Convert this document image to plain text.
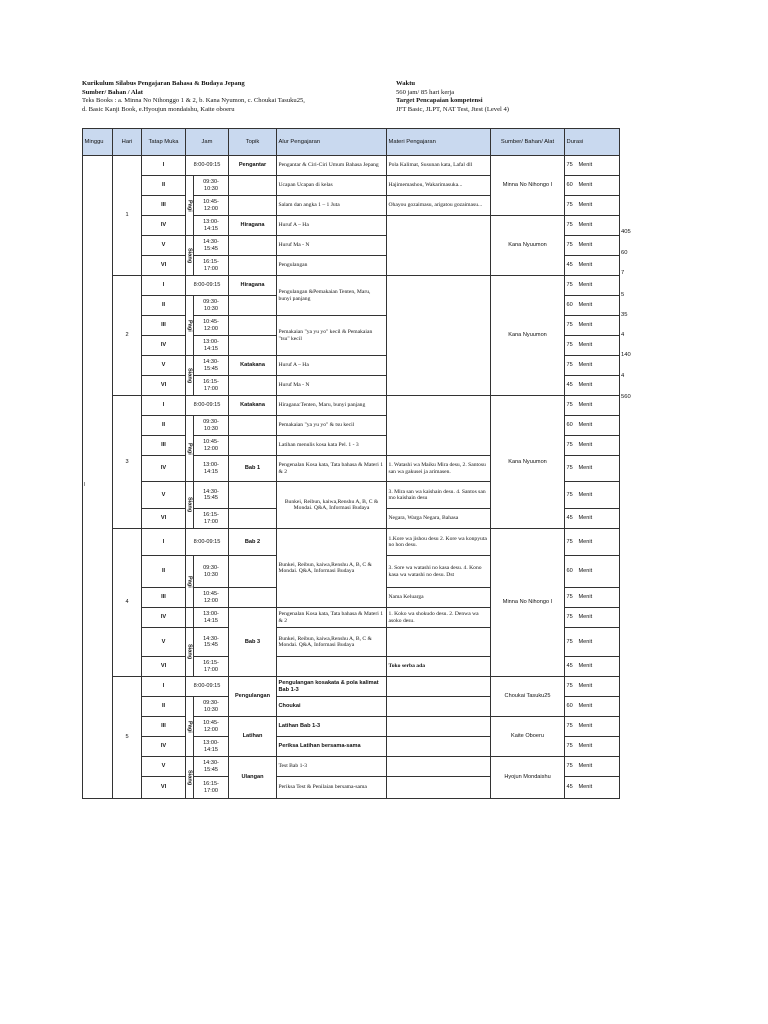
Kurikulum Silabus Pengajaran Bahasa & Budaya Jepang
Sumber/ Bahan / Alat
Teks Books : a. Minna No Nihonggo 1 & 2, b. Kana Nyumon, c. Choukai Tasuku25,
d. Basic Kanji Book, e.Hyoujun mondaishu, Kaite oboeru
Waktu
560 jam/ 85 hari kerja
Target Pencapaian kompetensi
JFT Basic, JLPT, NAT Test, Jtest (Level 4)
Minggu	Hari	Tatap Muka	Jam		Topik	Alur Pengajaran	Materi Pengajaran	Sumber/ Bahan/ Alat	Durasi
	1	I	8:00-09:15		Pengantar	Pengantar & Ciri-Ciri Umum Bahasa Jepang	Pola Kalimat, Susunan kata, Lafal dll	Minna No Nihongo I	75 Menit
		II	Pagi	09:30-
10:30		Ucapan Ucapan di kelas	Hajimemashou, Wakarimasuka...		60 Menit
		III		10:45-
12:00		Salam dan angka 1 – 1 Juta	Ohayou gozaimasu, arigatou gozaimasu...		75 Menit
		IV		13:00-
14:15	Hiragana	Huruf A – Ha		Kana Nyuumon	75 Menit
		V	Siang	14:30-
15:45		Huruf Ma - N			75 Menit
		VI		16:15-
17:00		Pengulangan			45 Menit
	2	I	8:00-09:15		Hiragana	Pengulangan &Pemakaian Tenten, Maru, bunyi panjang		Kana Nyuumon	75 Menit
		II	Pagi	09:30-
10:30					60 Menit
		III		10:45-
12:00		Pemakaian "ya yu yo" kecil & Pemakaian "tsu" kecil			75 Menit
		IV		13:00-
14:15					75 Menit
		V	Siang	14:30-
15:45	Katakana	Huruf A – Ha			75 Menit
		VI		16:15-
17:00		Huruf Ma - N			45 Menit
	3	I	8:00-09:15		Katakana	Hiragana:Tenten, Maru, bunyi panjang		Kana Nyuumon	75 Menit
		II	Pagi	09:30-
10:30		Pemakaian "ya yu yo" & tsu kecil			60 Menit
		III		10:45-
12:00		Latihan menulis kosa kata Pel. 1 - 3			75 Menit
		IV		13:00-
14:15	Bab 1	Pengenalan Kosa kata, Tata bahasa & Materi 1 & 2	1. Watashi wa Maiku Mira desu, 2. Santosu san wa gakusei ja arimasen.		75 Menit
		V	Siang	14:30-
15:45		Bunkei, Reibun, kaiwa,Renshu A, B, C & Mondai. Q&A, Informasi Budaya	3. Mira san wa kaishain desu. 4. Santos san mo kaishain desu		75 Menit
		VI		16:15-
17:00			Negara, Warga Negara, Bahasa		45 Menit
	4	I	8:00-09:15		Bab 2	Bunkei, Reibun, kaiwa,Renshu A, B, C & Mondai. Q&A, Informasi Budaya	1.Kore wa jishou desu 2. Kore wa konpyuta no hon desu.	Minna No Nihongo I	75 Menit
		II	Pagi	09:30-
10:30			3. Sore wa watashi no kasa desu. 4. Kono kasa wa watashi no desu. Dst		60 Menit
		III		10:45-
12:00			Nama Keluarga		75 Menit
		IV		13:00-
14:15	Bab 3	Pengenalan Kosa kata, Tata bahasa & Materi 1 & 2	1. Koko wa shokudo desu. 2. Denwa wa asoko desu.		75 Menit
		V	Siang	14:30-
15:45		Bunkei, Reibun, kaiwa,Renshu A, B, C & Mondai. Q&A, Informasi Budaya			75 Menit
		VI		16:15-
17:00			Toko serba ada		45 Menit
	5	I	8:00-09:15		Pengulangan	Pengulangan kosakata & pola kalimat Bab 1-3		Choukai Tasuku25	75 Menit
		II	Pagi	09:30-
10:30		Choukai			60 Menit
		III		10:45-
12:00	Latihan	Latihan Bab 1-3		Kaite Oboeru	75 Menit
		IV		13:00-
14:15		Periksa Latihan bersama-sama			75 Menit
		V	Siang	14:30-
15:45	Ulangan	Test Bab 1-3		Hyojun Mondaishu	75 Menit
		VI		16:15-
17:00		Periksa Test & Penilaian bersama-sama			45 Menit
I
405
60
7
5
35
4
140
4
560
